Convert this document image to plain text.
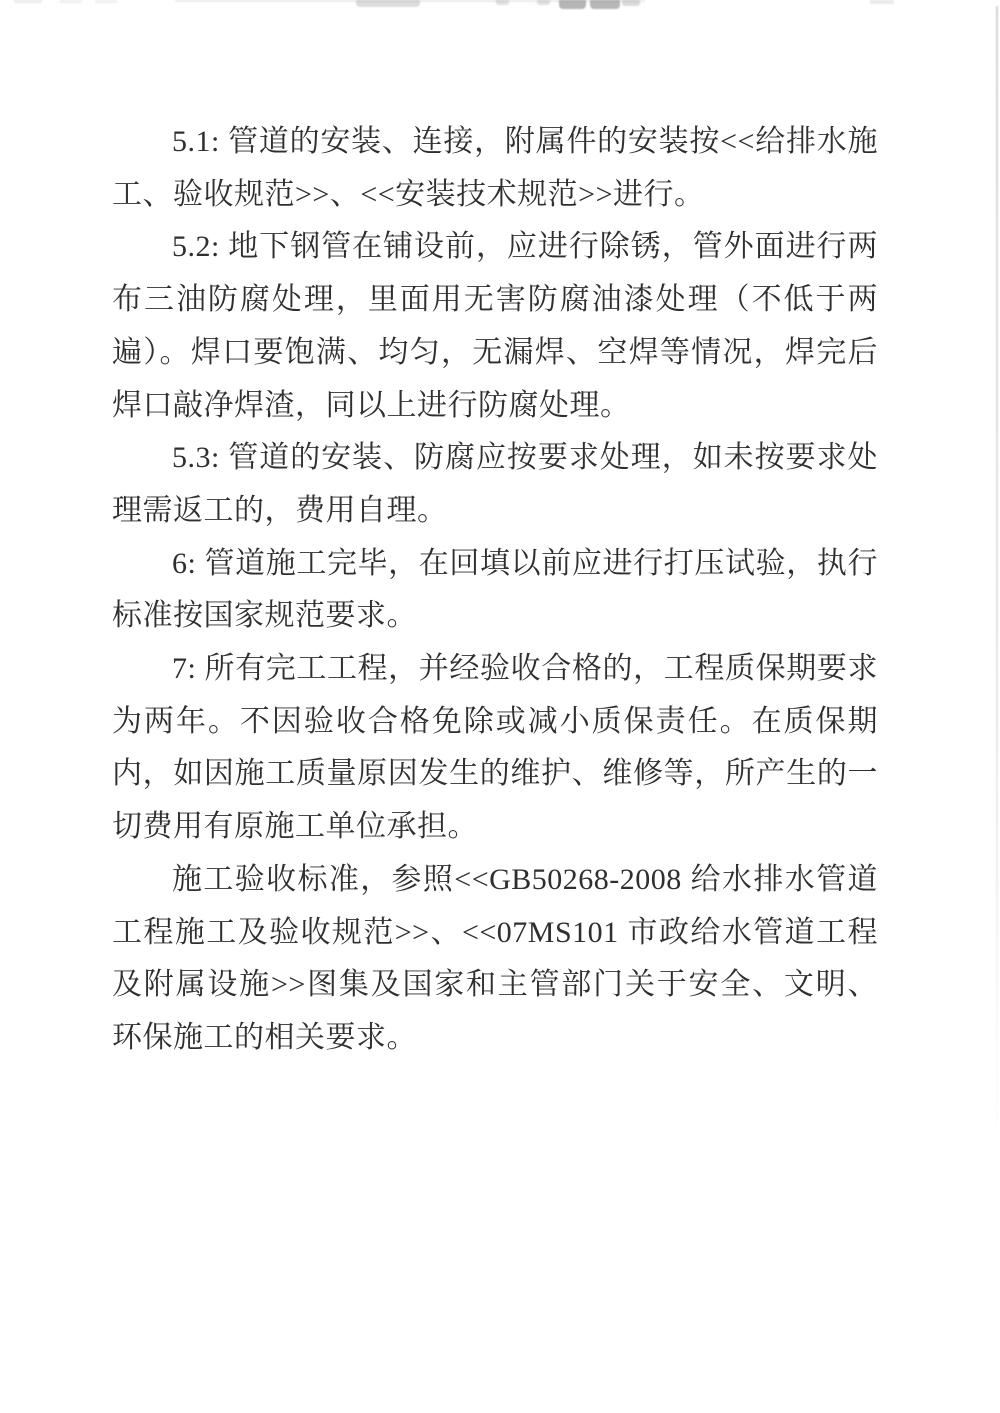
5.1: 管道的安装、连接，附属件的安装按<<给排水施工、验收规范>>、<<安装技术规范>>进行。

5.2: 地下钢管在铺设前，应进行除锈，管外面进行两布三油防腐处理，里面用无害防腐油漆处理（不低于两遍）。焊口要饱满、均匀，无漏焊、空焊等情况，焊完后焊口敲净焊渣，同以上进行防腐处理。

5.3: 管道的安装、防腐应按要求处理，如未按要求处理需返工的，费用自理。

6: 管道施工完毕，在回填以前应进行打压试验，执行标准按国家规范要求。

7: 所有完工工程，并经验收合格的，工程质保期要求为两年。不因验收合格免除或减小质保责任。在质保期内，如因施工质量原因发生的维护、维修等，所产生的一切费用有原施工单位承担。

施工验收标准，参照<<GB50268-2008 给水排水管道工程施工及验收规范>>、<<07MS101 市政给水管道工程及附属设施>>图集及国家和主管部门关于安全、文明、环保施工的相关要求。
